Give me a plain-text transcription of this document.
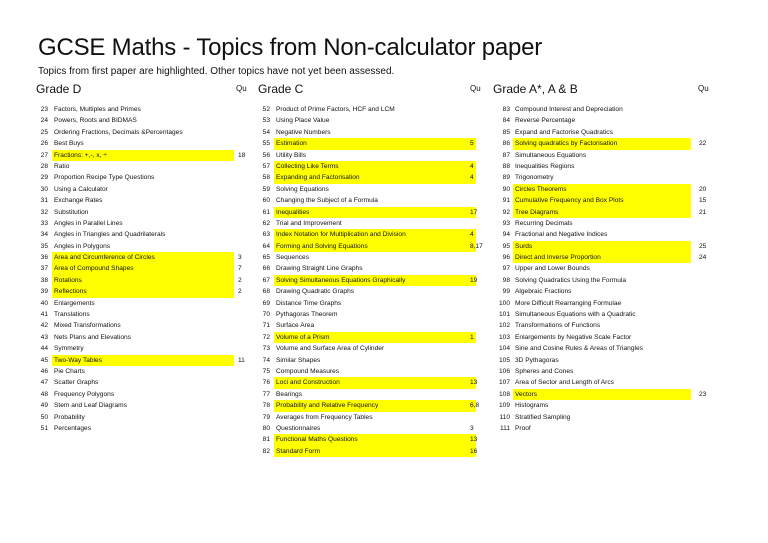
GCSE Maths - Topics from Non-calculator paper
Topics from first paper are highlighted. Other topics have not yet been assessed.
Grade D	Qu
23 Factors, Multiples and Primes
24 Powers, Roots and BIDMAS
25 Ordering Fractions, Decimals &Percentages
26 Best Buys
27 Fractions: +,-, x, ÷	18
28 Ratio
29 Proportion Recipe Type Questions
30 Using a Calculator
31 Exchange Rates
32 Substitution
33 Angles in Parallel Lines
34 Angles in Triangles and Quadrilaterals
35 Angles in Polygons
36 Area and Circumference of Circles	3
37 Area of Compound Shapes	7
38 Rotations	2
39 Reflections	2
40 Enlargements
41 Translations
42 Mixed Transformations
43 Nets Plans and Elevations
44 Symmetry
45 Two-Way Tables	11
46 Pie Charts
47 Scatter Graphs
48 Frequency Polygons
49 Stem and Leaf Diagrams
50 Probability
51 Percentages
Grade C	Qu
52 Product of Prime Factors, HCF and LCM
53 Using Place Value
54 Negative Numbers
55 Estimation	5
56 Utility Bills
57 Collecting Like Terms	4
58 Expanding and Factorisation	4
59 Solving Equations
60 Changing the Subject of a Formula
61 Inequalities	17
62 Trial and Improvement
63 Index Notation for Multiplication and Division	4
64 Forming and Solving Equations	8,17
65 Sequences
66 Drawing Straight Line Graphs
67 Solving Simultaneous Equations Graphically	19
68 Drawing Quadratic Graphs
69 Distance Time Graphs
70 Pythagoras Theorem
71 Surface Area
72 Volume of a Prism	1
73 Volume and Surface Area of Cylinder
74 Similar Shapes
75 Compound Measures
76 Loci and Construction	13
77 Bearings
78 Probability and Relative Frequency	6,8
79 Averages from Frequency Tables
80 Questionnaires	3
81 Functional Maths Questions	13
82 Standard Form	16
Grade A*, A & B	Qu
83 Compound Interest and Depreciation
84 Reverse Percentage
85 Expand and Factorise Quadratics
86 Solving quadratics by Factorisation	22
87 Simultaneous Equations
88 Inequalities Regions
89 Trigonometry
90 Circles Theorems	20
91 Cumulative Frequency and Box Plots	15
92 Tree Diagrams	21
93 Recurring Decimals
94 Fractional and Negative Indices
95 Surds	25
96 Direct and Inverse Proportion	24
97 Upper and Lower Bounds
98 Solving Quadratics Using the Formula
99 Algebraic Fractions
100 More Difficult Rearranging Formulae
101 Simultaneous Equations with a Quadratic
102 Transformations of Functions
103 Enlargements by Negative Scale Factor
104 Sine and Cosine Rules & Areas of Triangles
105 3D Pythagoras
106 Spheres and Cones
107 Area of Sector and Length of Arcs
108 Vectors	23
109 Histograms
110 Stratified Sampling
111 Proof
